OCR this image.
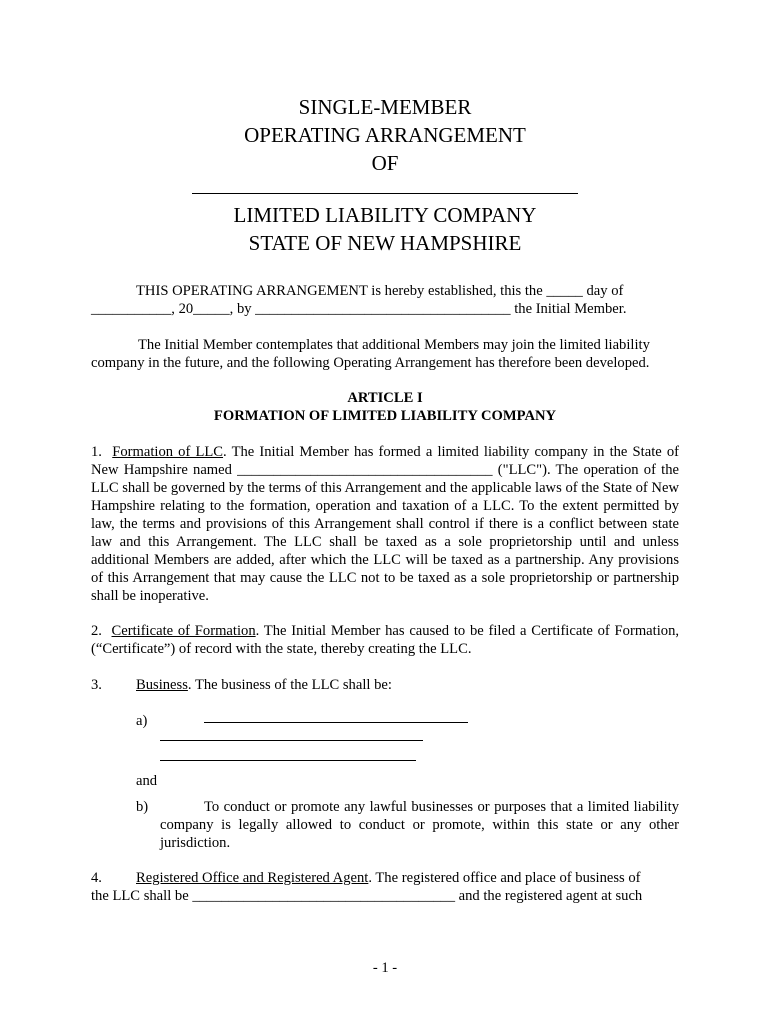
SINGLE-MEMBER
OPERATING ARRANGEMENT
OF
LIMITED LIABILITY COMPANY
STATE OF NEW HAMPSHIRE
THIS OPERATING ARRANGEMENT is hereby established, this the _____ day of
___________, 20_____, by ___________________________________ the Initial Member.
The Initial Member contemplates that additional Members may join the limited liability company in the future, and the following Operating Arrangement has therefore been developed.
ARTICLE I
FORMATION OF LIMITED LIABILITY COMPANY
1. Formation of LLC. The Initial Member has formed a limited liability company in the State of New Hampshire named ___________________________________ ("LLC"). The operation of the LLC shall be governed by the terms of this Arrangement and the applicable laws of the State of New Hampshire relating to the formation, operation and taxation of a LLC. To the extent permitted by law, the terms and provisions of this Arrangement shall control if there is a conflict between state law and this Arrangement. The LLC shall be taxed as a sole proprietorship until and unless additional Members are added, after which the LLC will be taxed as a partnership. Any provisions of this Arrangement that may cause the LLC not to be taxed as a sole proprietorship or partnership shall be inoperative.
2. Certificate of Formation. The Initial Member has caused to be filed a Certificate of Formation, (“Certificate”) of record with the state, thereby creating the LLC.
3. Business. The business of the LLC shall be:
a)
and
b)	To conduct or promote any lawful businesses or purposes that a limited liability company is legally allowed to conduct or promote, within this state or any other jurisdiction.
4. Registered Office and Registered Agent. The registered office and place of business of
the LLC shall be ____________________________________ and the registered agent at such
- 1 -
